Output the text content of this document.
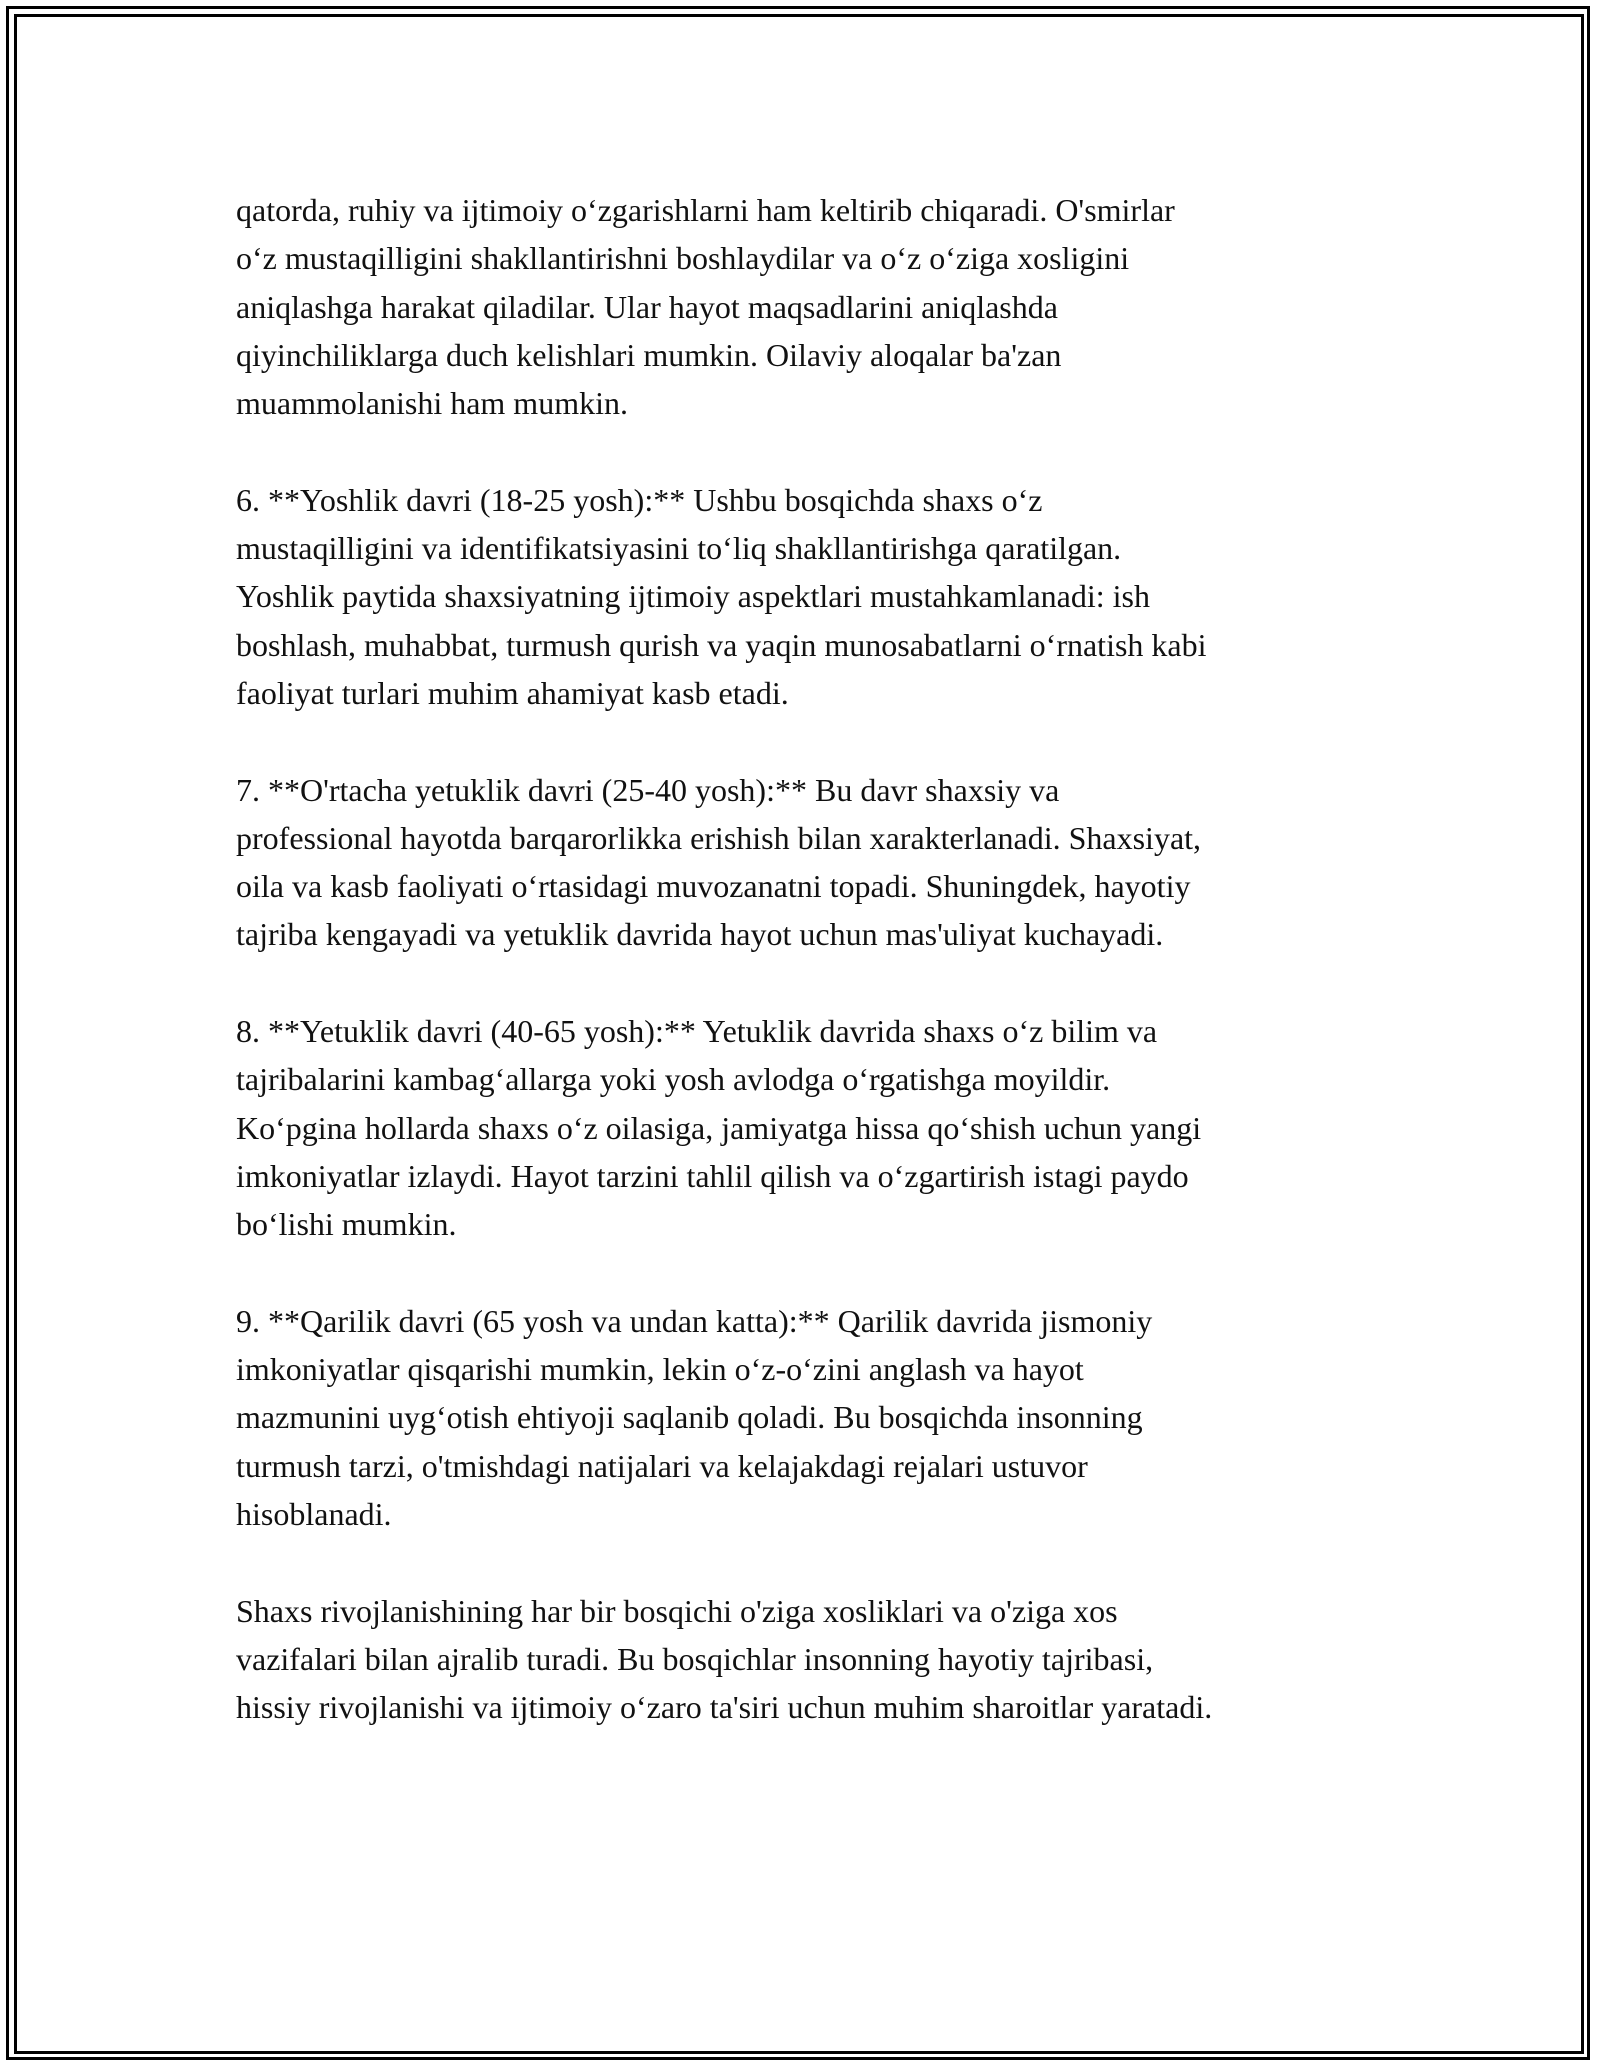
qatorda, ruhiy va ijtimoiy o‘zgarishlarni ham keltirib chiqaradi. O'smirlar
o‘z mustaqilligini shakllantirishni boshlaydilar va o‘z o‘ziga xosligini
aniqlashga harakat qiladilar. Ular hayot maqsadlarini aniqlashda
qiyinchiliklarga duch kelishlari mumkin. Oilaviy aloqalar ba'zan
muammolanishi ham mumkin.

6. **Yoshlik davri (18-25 yosh):** Ushbu bosqichda shaxs o‘z
mustaqilligini va identifikatsiyasini to‘liq shakllantirishga qaratilgan.
Yoshlik paytida shaxsiyatning ijtimoiy aspektlari mustahkamlanadi: ish
boshlash, muhabbat, turmush qurish va yaqin munosabatlarni o‘rnatish kabi
faoliyat turlari muhim ahamiyat kasb etadi.

7. **O'rtacha yetuklik davri (25-40 yosh):** Bu davr shaxsiy va
professional hayotda barqarorlikka erishish bilan xarakterlanadi. Shaxsiyat,
oila va kasb faoliyati o‘rtasidagi muvozanatni topadi. Shuningdek, hayotiy
tajriba kengayadi va yetuklik davrida hayot uchun mas'uliyat kuchayadi.

8. **Yetuklik davri (40-65 yosh):** Yetuklik davrida shaxs o‘z bilim va
tajribalarini kambag‘allarga yoki yosh avlodga o‘rgatishga moyildir.
Ko‘pgina hollarda shaxs o‘z oilasiga, jamiyatga hissa qo‘shish uchun yangi
imkoniyatlar izlaydi. Hayot tarzini tahlil qilish va o‘zgartirish istagi paydo
bo‘lishi mumkin.

9. **Qarilik davri (65 yosh va undan katta):** Qarilik davrida jismoniy
imkoniyatlar qisqarishi mumkin, lekin o‘z-o‘zini anglash va hayot
mazmunini uyg‘otish ehtiyoji saqlanib qoladi. Bu bosqichda insonning
turmush tarzi, o'tmishdagi natijalari va kelajakdagi rejalari ustuvor
hisoblanadi.

Shaxs rivojlanishining har bir bosqichi o'ziga xosliklari va o'ziga xos
vazifalari bilan ajralib turadi. Bu bosqichlar insonning hayotiy tajribasi,
hissiy rivojlanishi va ijtimoiy o‘zaro ta'siri uchun muhim sharoitlar yaratadi.
